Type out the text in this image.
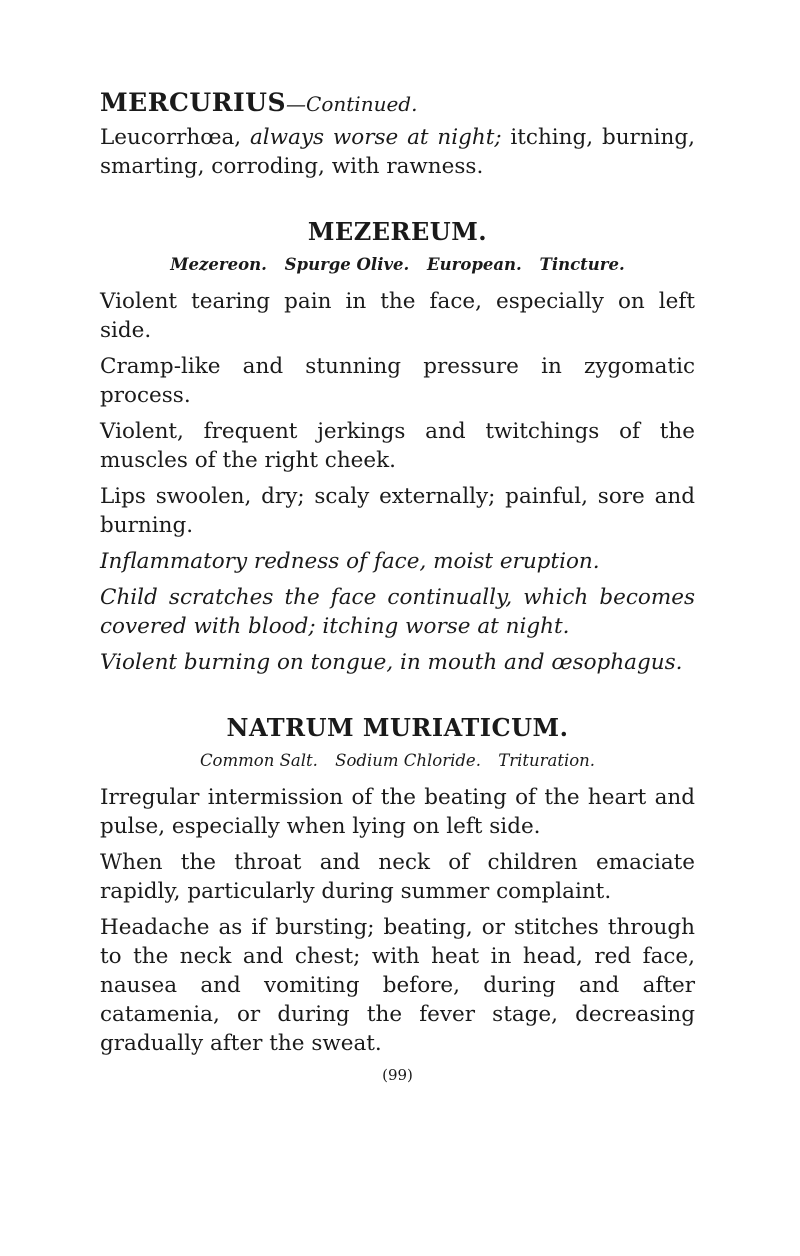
MERCURIUS—Continued.

Leucorrhœa, always worse at night; itching, burning, smarting, corroding, with rawness.

MEZEREUM.
Mezereon. Spurge Olive. European. Tincture.

Violent tearing pain in the face, especially on left side.

Cramp-like and stunning pressure in zygomatic process.

Violent, frequent jerkings and twitchings of the muscles of the right cheek.

Lips swoolen, dry; scaly externally; painful, sore and burning.

Inflammatory redness of face, moist eruption.

Child scratches the face continually, which becomes covered with blood; itching worse at night.

Violent burning on tongue, in mouth and œsophagus.

NATRUM MURIATICUM.
Common Salt. Sodium Chloride. Trituration.

Irregular intermission of the beating of the heart and pulse, especially when lying on left side.

When the throat and neck of children emaciate rapidly, particularly during summer complaint.

Headache as if bursting; beating, or stitches through to the neck and chest; with heat in head, red face, nausea and vomiting before, during and after catamenia, or during the fever stage, decreasing gradually after the sweat.

(99)
